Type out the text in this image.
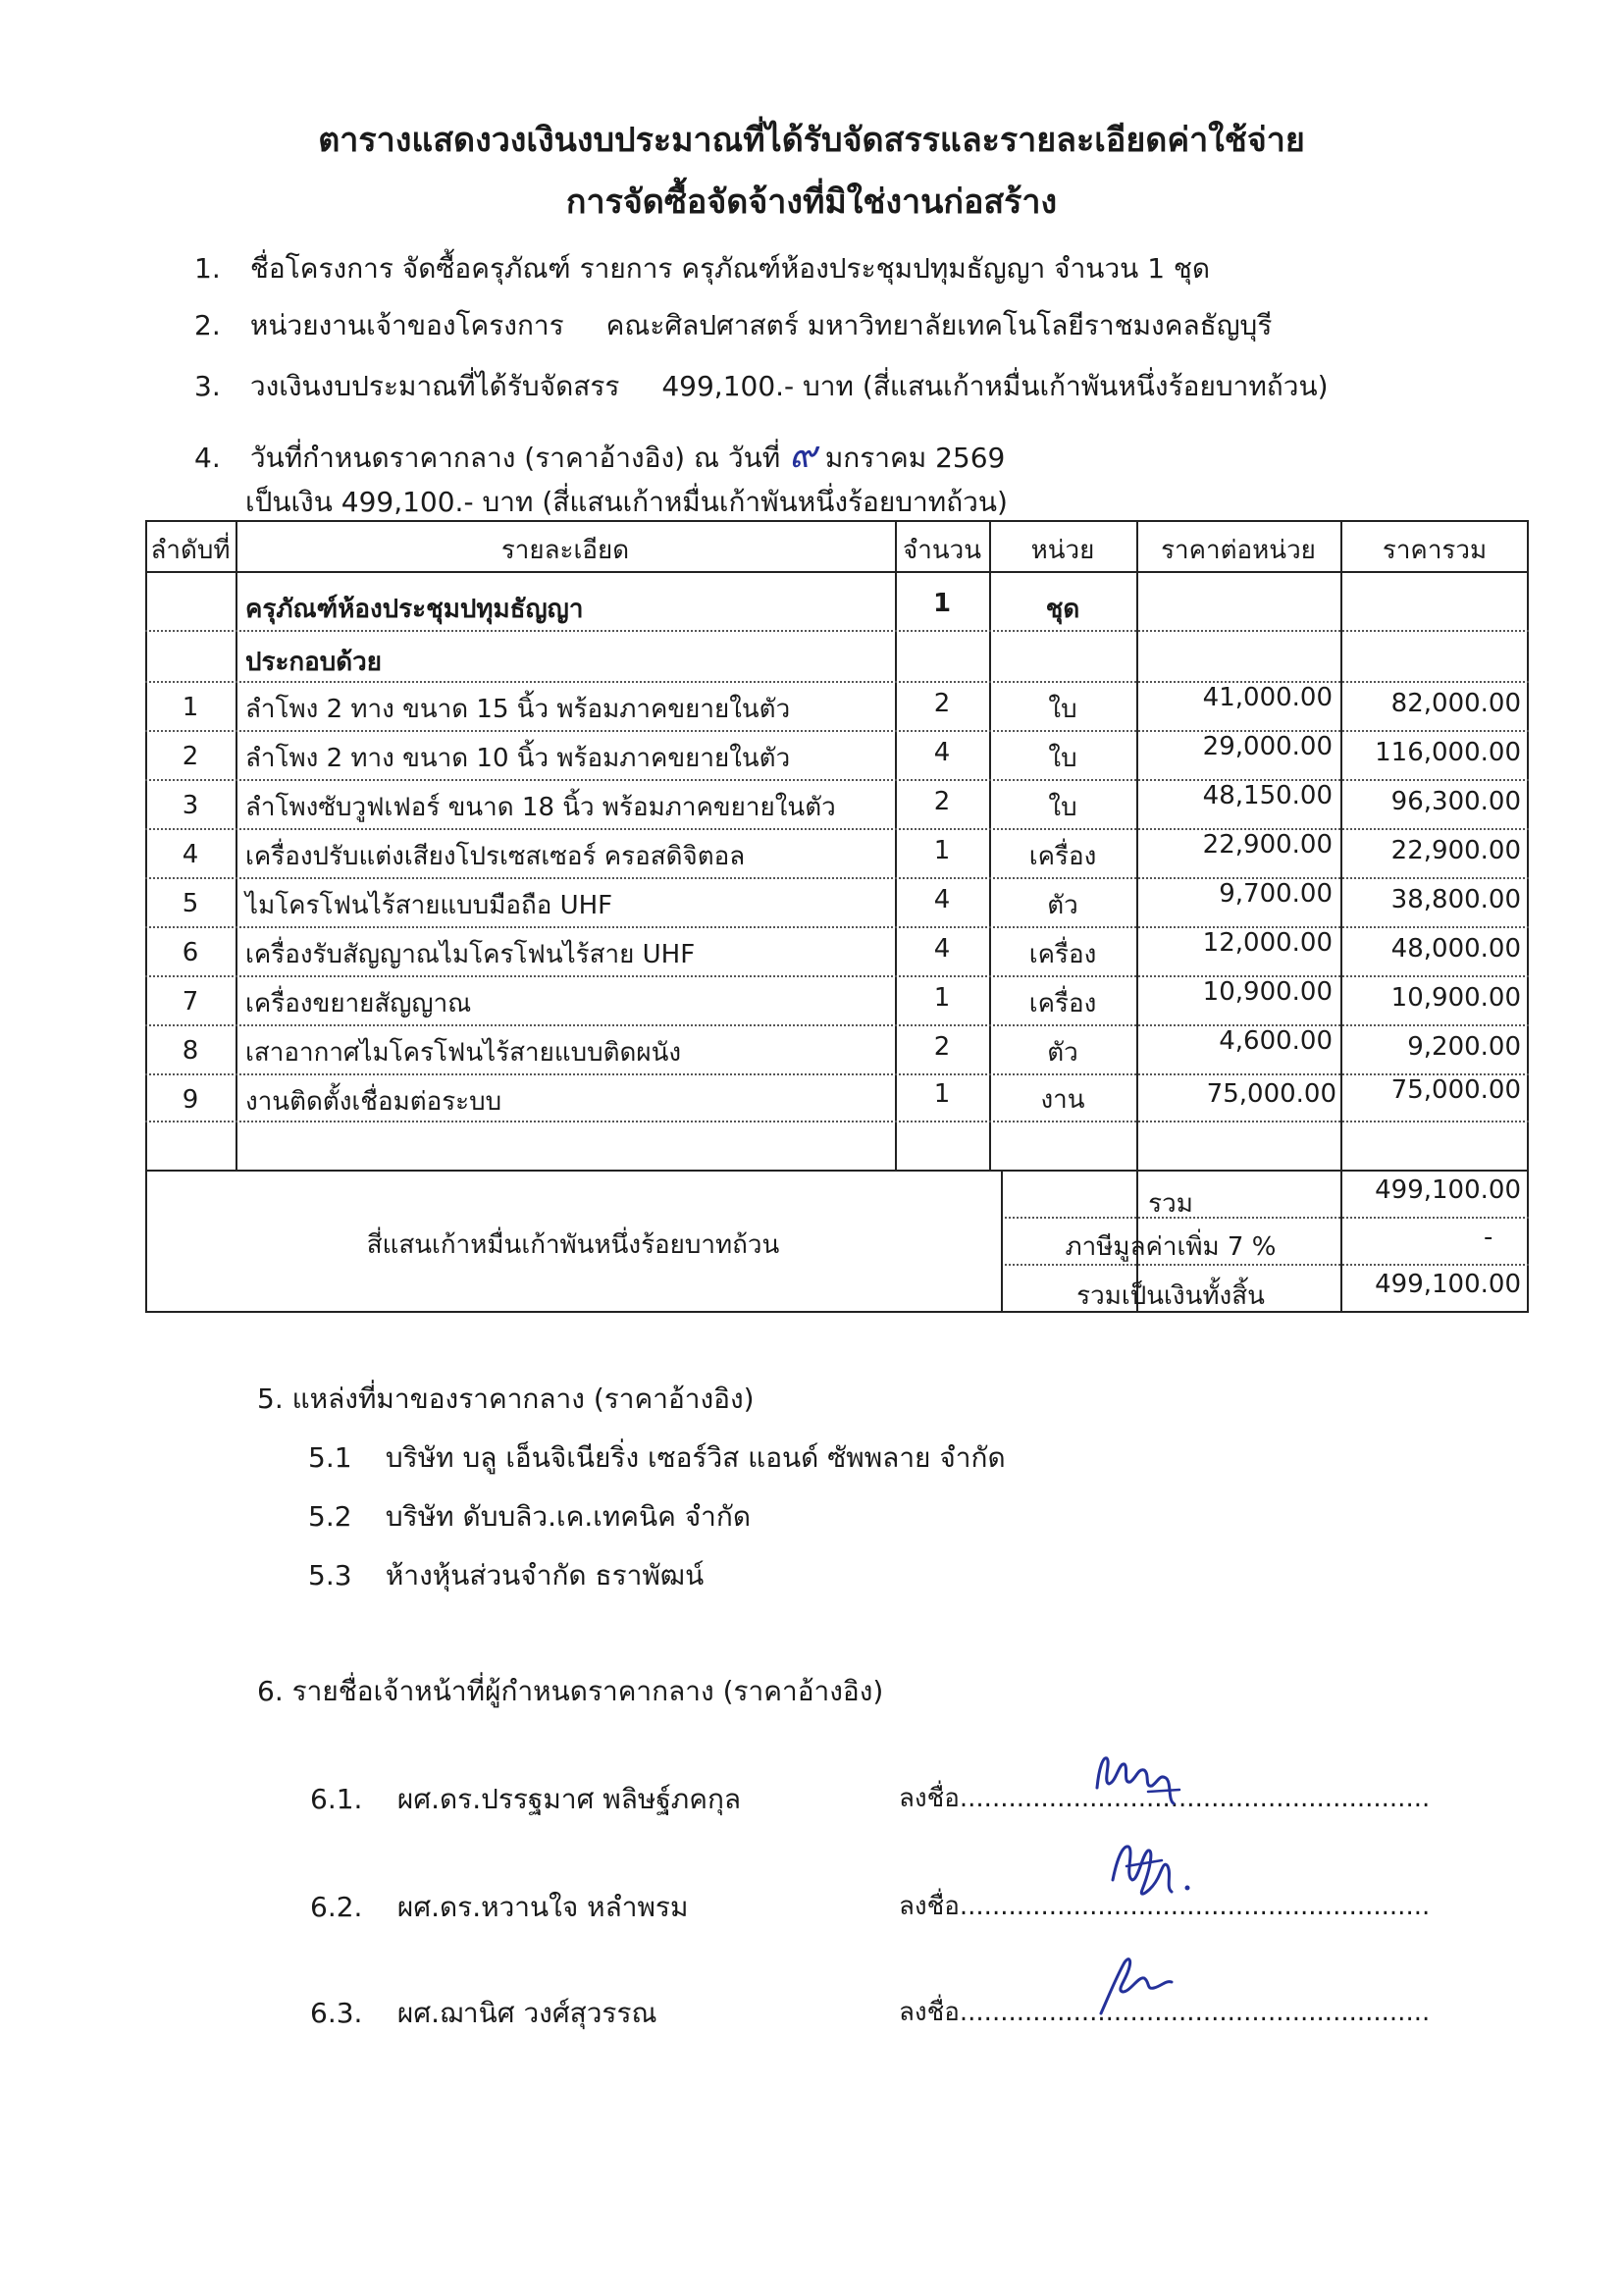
ตารางแสดงวงเงินงบประมาณที่ได้รับจัดสรรและรายละเอียดค่าใช้จ่าย
การจัดซื้อจัดจ้างที่มิใช่งานก่อสร้าง
1. ชื่อโครงการ จัดซื้อครุภัณฑ์ รายการ ครุภัณฑ์ห้องประชุมปทุมธัญญา จำนวน 1 ชุด
2. หน่วยงานเจ้าของโครงการ คณะศิลปศาสตร์ มหาวิทยาลัยเทคโนโลยีราชมงคลธัญบุรี
3. วงเงินงบประมาณที่ได้รับจัดสรร 499,100.- บาท (สี่แสนเก้าหมื่นเก้าพันหนึ่งร้อยบาทถ้วน)
4. วันที่กำหนดราคากลาง (ราคาอ้างอิง) ณ วันที่ ๙ มกราคม 2569
เป็นเงิน 499,100.- บาท (สี่แสนเก้าหมื่นเก้าพันหนึ่งร้อยบาทถ้วน)
ลำดับที่	รายละเอียด	จำนวน	หน่วย	ราคาต่อหน่วย	ราคารวม
ครุภัณฑ์ห้องประชุมปทุมธัญญา	1	ชุด
ประกอบด้วย
1	ลำโพง 2 ทาง ขนาด 15 นิ้ว พร้อมภาคขยายในตัว	2	ใบ	41,000.00	82,000.00
2	ลำโพง 2 ทาง ขนาด 10 นิ้ว พร้อมภาคขยายในตัว	4	ใบ	29,000.00	116,000.00
3	ลำโพงซับวูฟเฟอร์ ขนาด 18 นิ้ว พร้อมภาคขยายในตัว	2	ใบ	48,150.00	96,300.00
4	เครื่องปรับแต่งเสียงโปรเซสเซอร์ ครอสดิจิตอล	1	เครื่อง	22,900.00	22,900.00
5	ไมโครโฟนไร้สายแบบมือถือ UHF	4	ตัว	9,700.00	38,800.00
6	เครื่องรับสัญญาณไมโครโฟนไร้สาย UHF	4	เครื่อง	12,000.00	48,000.00
7	เครื่องขยายสัญญาณ	1	เครื่อง	10,900.00	10,900.00
8	เสาอากาศไมโครโฟนไร้สายแบบติดผนัง	2	ตัว	4,600.00	9,200.00
9	งานติดตั้งเชื่อมต่อระบบ	1	งาน	75,000.00	75,000.00
สี่แสนเก้าหมื่นเก้าพันหนึ่งร้อยบาทถ้วน
รวม	499,100.00
ภาษีมูลค่าเพิ่ม 7 %	-
รวมเป็นเงินทั้งสิ้น	499,100.00
5. แหล่งที่มาของราคากลาง (ราคาอ้างอิง)
5.1 บริษัท บลู เอ็นจิเนียริ่ง เซอร์วิส แอนด์ ซัพพลาย จำกัด
5.2 บริษัท ดับบลิว.เค.เทคนิค จำกัด
5.3 ห้างหุ้นส่วนจำกัด ธราพัฒน์
6. รายชื่อเจ้าหน้าที่ผู้กำหนดราคากลาง (ราคาอ้างอิง)
6.1. ผศ.ดร.ปรรฐมาศ พลิษฐ์ภคกุล	ลงชื่อ..........................................................
6.2. ผศ.ดร.หวานใจ หลำพรม	ลงชื่อ..........................................................
6.3. ผศ.ฌานิศ วงศ์สุวรรณ	ลงชื่อ..........................................................
